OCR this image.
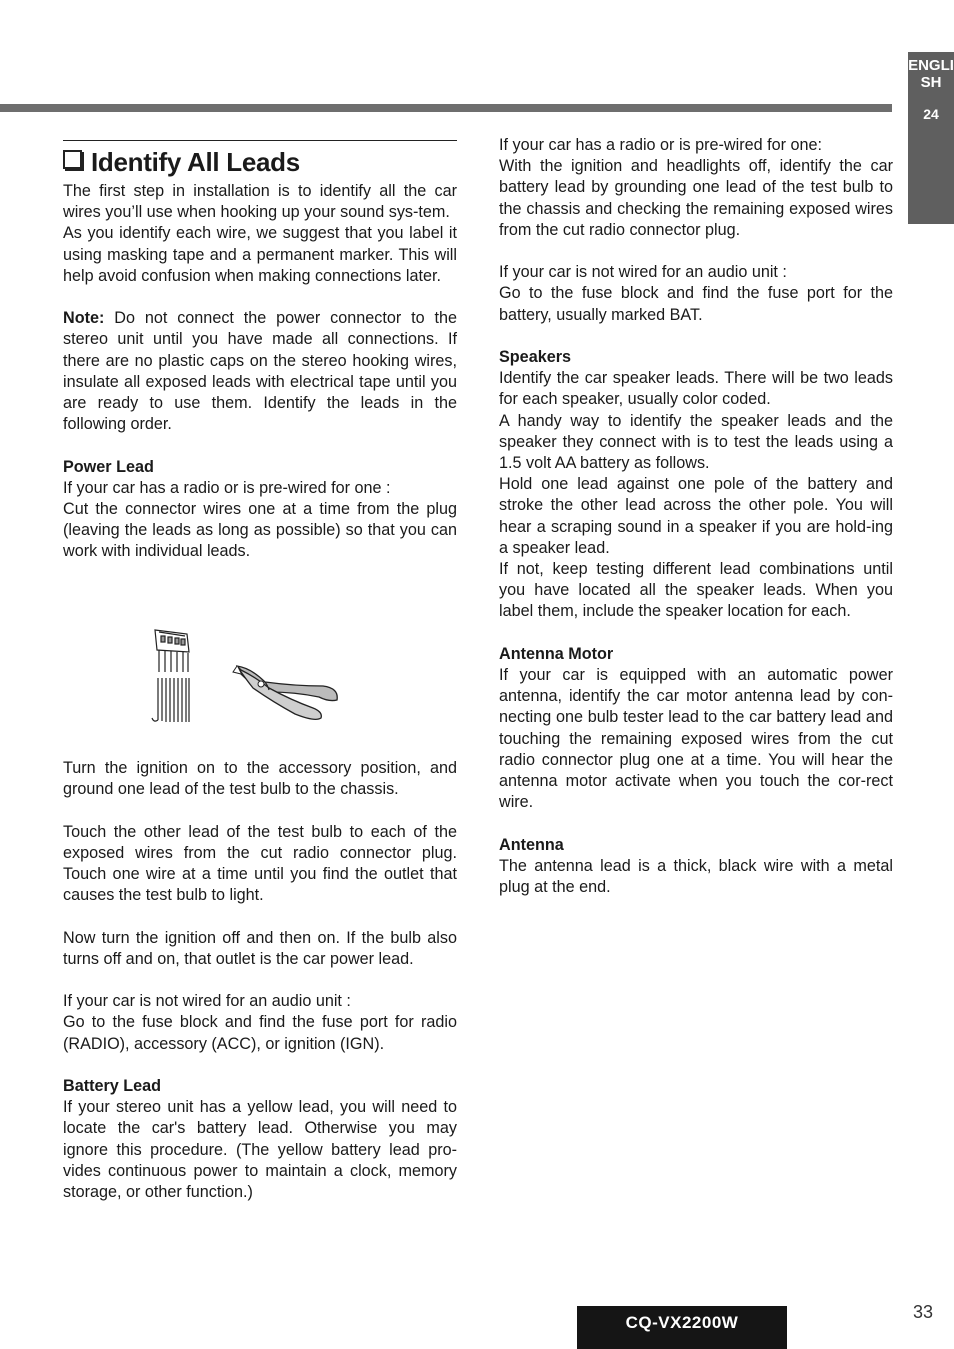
ENGLISH
24
Identify All Leads

The first step in installation is to identify all the car wires you’ll use when hooking up your sound sys-tem.

As you identify each wire, we suggest that you label it using masking tape and a permanent marker. This will help avoid confusion when making connections later.

Note: Do not connect the power connector to the stereo unit until you have made all connections. If there are no plastic caps on the stereo hooking wires, insulate all exposed leads with electrical tape until you are ready to use them. Identify the leads in the following order.

Power Lead

If your car has a radio or is pre-wired for one :

Cut the connector wires one at a time from the plug (leaving the leads as long as possible) so that you can work with individual leads.

Turn the ignition on to the accessory position, and ground one lead of the test bulb to the chassis.

Touch the other lead of the test bulb to each of the exposed wires from the cut radio connector plug. Touch one wire at a time until you find the outlet that causes the test bulb to light.

Now turn the ignition off and then on. If the bulb also turns off and on, that outlet is the car power lead.

If your car is not wired for an audio unit :

Go to the fuse block and find the fuse port for radio (RADIO), accessory (ACC), or ignition (IGN).

Battery Lead

If your stereo unit has a yellow lead, you will need to locate the car's battery lead. Otherwise you may ignore this procedure. (The yellow battery lead pro-vides continuous power to maintain a clock, memory storage, or other function.)

If your car has a radio or is pre-wired for one:

With the ignition and headlights off, identify the car battery lead by grounding one lead of the test bulb to the chassis and checking the remaining exposed wires from the cut radio connector plug.

If your car is not wired for an audio unit :

Go to the fuse block and find the fuse port for the battery, usually marked BAT.

Speakers

Identify the car speaker leads. There will be two leads for each speaker, usually color coded.

A handy way to identify the speaker leads and the speaker they connect with is to test the leads using a 1.5 volt AA battery as follows.

Hold one lead against one pole of the battery and stroke the other lead across the other pole. You will hear a scraping sound in a speaker if you are hold-ing a speaker lead.

If not, keep testing different lead combinations until you have located all the speaker leads. When you label them, include the speaker location for each.

Antenna Motor

If your car is equipped with an automatic power antenna, identify the car motor antenna lead by con-necting one bulb tester lead to the car battery lead and touching the remaining exposed wires from the cut radio connector plug one at a time. You will hear the antenna motor activate when you touch the cor-rect wire.

Antenna

The antenna lead is a thick, black wire with a metal plug at the end.

CQ-VX2200W
33
